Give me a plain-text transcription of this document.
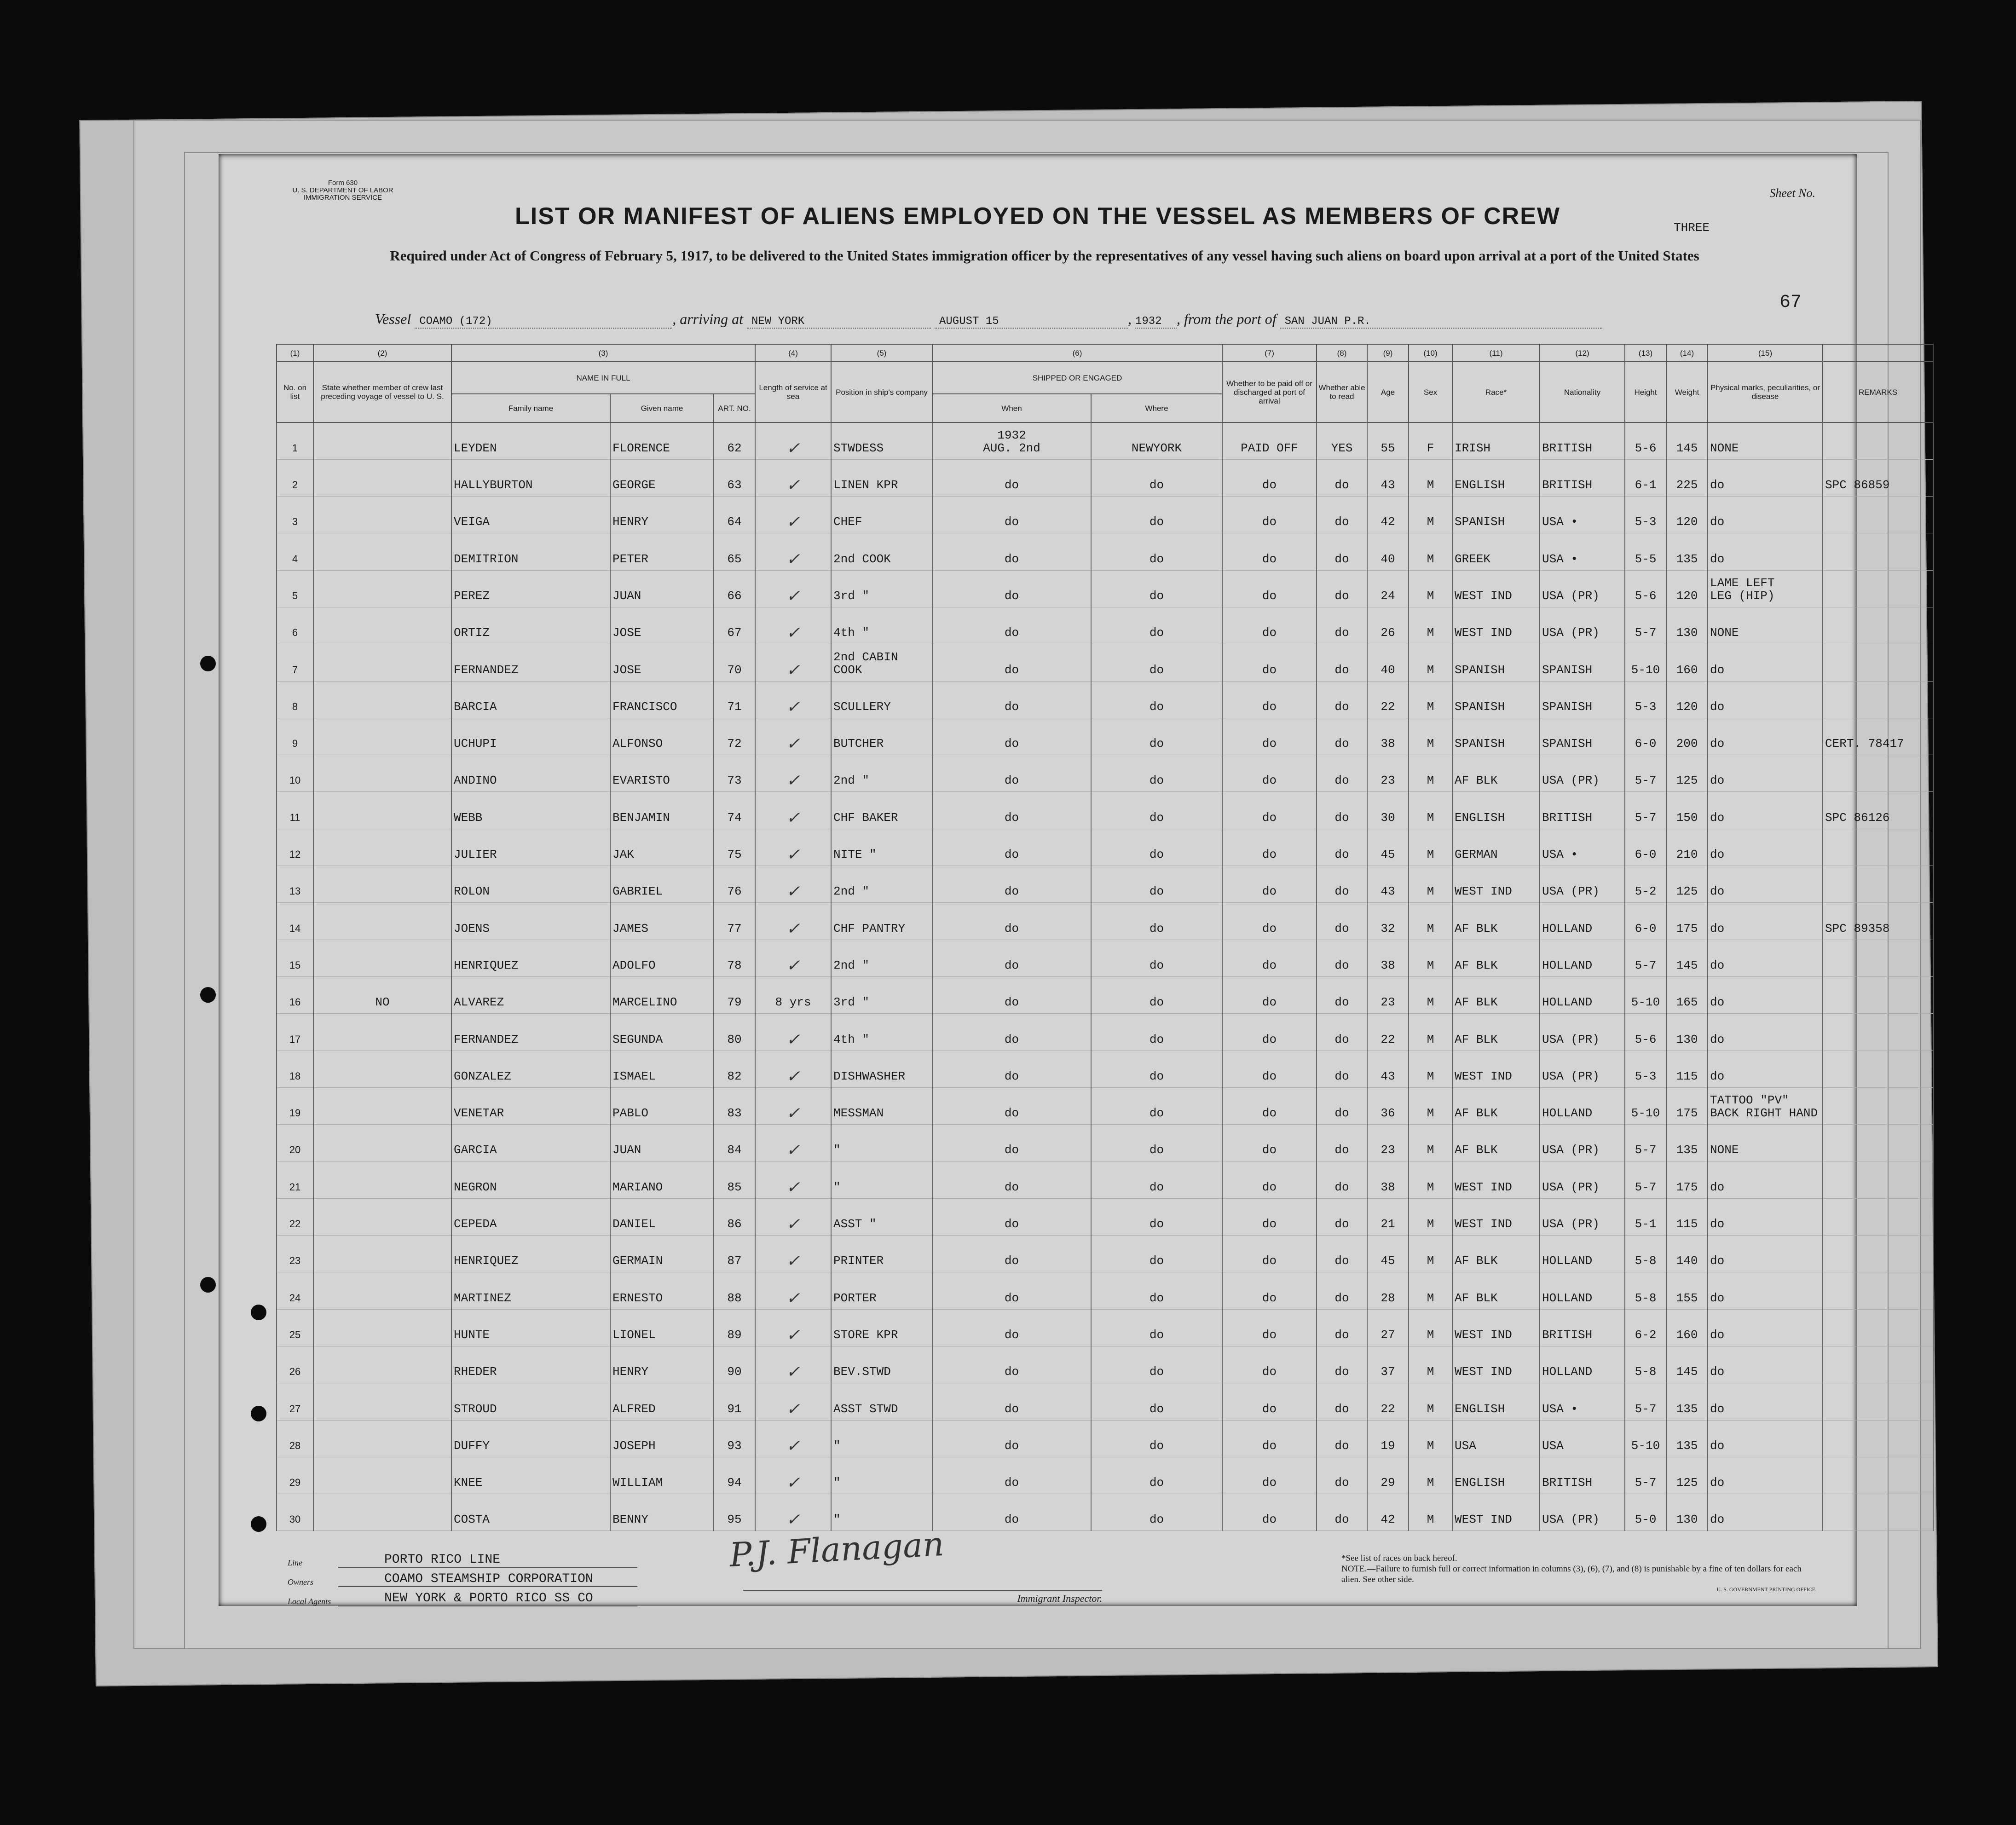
Form 630
U. S. DEPARTMENT OF LABOR
IMMIGRATION SERVICE	Sheet No.
LIST OR MANIFEST OF ALIENS EMPLOYED ON THE VESSEL AS MEMBERS OF CREW	THREE
Required under Act of Congress of February 5, 1917, to be delivered to the United States immigration officer by the representatives of any vessel having such aliens on board upon arrival at a port of the United States
67
Vessel COAMO (172)	, arriving at NEW YORK	AUGUST 15	, 1932 , from the port of SAN JUAN P.R.
(1)	(2)	(3)			(4)	(5)	(6)		(7)	(8)	(9)	(10)	(11)	(12)	(13)	(14)	(15)	
No. on list	State whether member of crew last preceding voyage of vessel to U. S.	NAME IN FULL			Length of service at sea	Position in ship's company	SHIPPED OR ENGAGED		Whether to be paid off or discharged at port of arrival	Whether able to read	Age	Sex	Race*	Nationality	Height	Weight	Physical marks, peculiarities, or disease	REMARKS
		Family name	Given name	ART. NO.			When	Where										
1		LEYDEN	FLORENCE	62	✓	STWDESS	1932
AUG. 2nd	NEWYORK	PAID OFF	YES	55	F	IRISH	BRITISH	5-6	145	NONE	
2		HALLYBURTON	GEORGE	63	✓	LINEN KPR	do	do	do	do	43	M	ENGLISH	BRITISH	6-1	225	do	SPC 86859
3		VEIGA	HENRY	64	✓	CHEF	do	do	do	do	42	M	SPANISH	USA •	5-3	120	do	
4		DEMITRION	PETER	65	✓	2nd COOK	do	do	do	do	40	M	GREEK	USA •	5-5	135	do	
5		PEREZ	JUAN	66	✓	3rd "	do	do	do	do	24	M	WEST IND	USA (PR)	5-6	120	LAME LEFT
LEG (HIP)	
6		ORTIZ	JOSE	67	✓	4th "	do	do	do	do	26	M	WEST IND	USA (PR)	5-7	130	NONE	
7		FERNANDEZ	JOSE	70	✓	2nd CABIN
COOK	do	do	do	do	40	M	SPANISH	SPANISH	5-10	160	do	
8		BARCIA	FRANCISCO	71	✓	SCULLERY	do	do	do	do	22	M	SPANISH	SPANISH	5-3	120	do	
9		UCHUPI	ALFONSO	72	✓	BUTCHER	do	do	do	do	38	M	SPANISH	SPANISH	6-0	200	do	CERT. 78417
10		ANDINO	EVARISTO	73	✓	2nd "	do	do	do	do	23	M	AF BLK	USA (PR)	5-7	125	do	
11		WEBB	BENJAMIN	74	✓	CHF BAKER	do	do	do	do	30	M	ENGLISH	BRITISH	5-7	150	do	SPC 86126
12		JULIER	JAK	75	✓	NITE "	do	do	do	do	45	M	GERMAN	USA •	6-0	210	do	
13		ROLON	GABRIEL	76	✓	2nd "	do	do	do	do	43	M	WEST IND	USA (PR)	5-2	125	do	
14		JOENS	JAMES	77	✓	CHF PANTRY	do	do	do	do	32	M	AF BLK	HOLLAND	6-0	175	do	SPC 89358
15		HENRIQUEZ	ADOLFO	78	✓	2nd "	do	do	do	do	38	M	AF BLK	HOLLAND	5-7	145	do	
16	NO	ALVAREZ	MARCELINO	79	8 yrs	3rd "	do	do	do	do	23	M	AF BLK	HOLLAND	5-10	165	do	
17		FERNANDEZ	SEGUNDA	80	✓	4th "	do	do	do	do	22	M	AF BLK	USA (PR)	5-6	130	do	
18		GONZALEZ	ISMAEL	82	✓	DISHWASHER	do	do	do	do	43	M	WEST IND	USA (PR)	5-3	115	do	
19		VENETAR	PABLO	83	✓	MESSMAN	do	do	do	do	36	M	AF BLK	HOLLAND	5-10	175	TATTOO "PV"
BACK RIGHT HAND	
20		GARCIA	JUAN	84	✓	"	do	do	do	do	23	M	AF BLK	USA (PR)	5-7	135	NONE	
21		NEGRON	MARIANO	85	✓	"	do	do	do	do	38	M	WEST IND	USA (PR)	5-7	175	do	
22		CEPEDA	DANIEL	86	✓	ASST "	do	do	do	do	21	M	WEST IND	USA (PR)	5-1	115	do	
23		HENRIQUEZ	GERMAIN	87	✓	PRINTER	do	do	do	do	45	M	AF BLK	HOLLAND	5-8	140	do	
24		MARTINEZ	ERNESTO	88	✓	PORTER	do	do	do	do	28	M	AF BLK	HOLLAND	5-8	155	do	
25		HUNTE	LIONEL	89	✓	STORE KPR	do	do	do	do	27	M	WEST IND	BRITISH	6-2	160	do	
26		RHEDER	HENRY	90	✓	BEV.STWD	do	do	do	do	37	M	WEST IND	HOLLAND	5-8	145	do	
27		STROUD	ALFRED	91	✓	ASST STWD	do	do	do	do	22	M	ENGLISH	USA •	5-7	135	do	
28		DUFFY	JOSEPH	93	✓	"	do	do	do	do	19	M	USA	USA	5-10	135	do	
29		KNEE	WILLIAM	94	✓	"	do	do	do	do	29	M	ENGLISH	BRITISH	5-7	125	do	
30		COSTA	BENNY	95	✓	"	do	do	do	do	42	M	WEST IND	USA (PR)	5-0	130	do	
Line	PORTO RICO LINE
Owners	COAMO STEAMSHIP CORPORATION
Local Agents	NEW YORK & PORTO RICO SS CO
P.J. Flanagan
Immigrant Inspector.
*See list of races on back hereof.
NOTE.—Failure to furnish full or correct information in columns (3), (6), (7), and (8) is punishable by a fine of ten dollars for each alien. See other side.
U. S. GOVERNMENT PRINTING OFFICE
